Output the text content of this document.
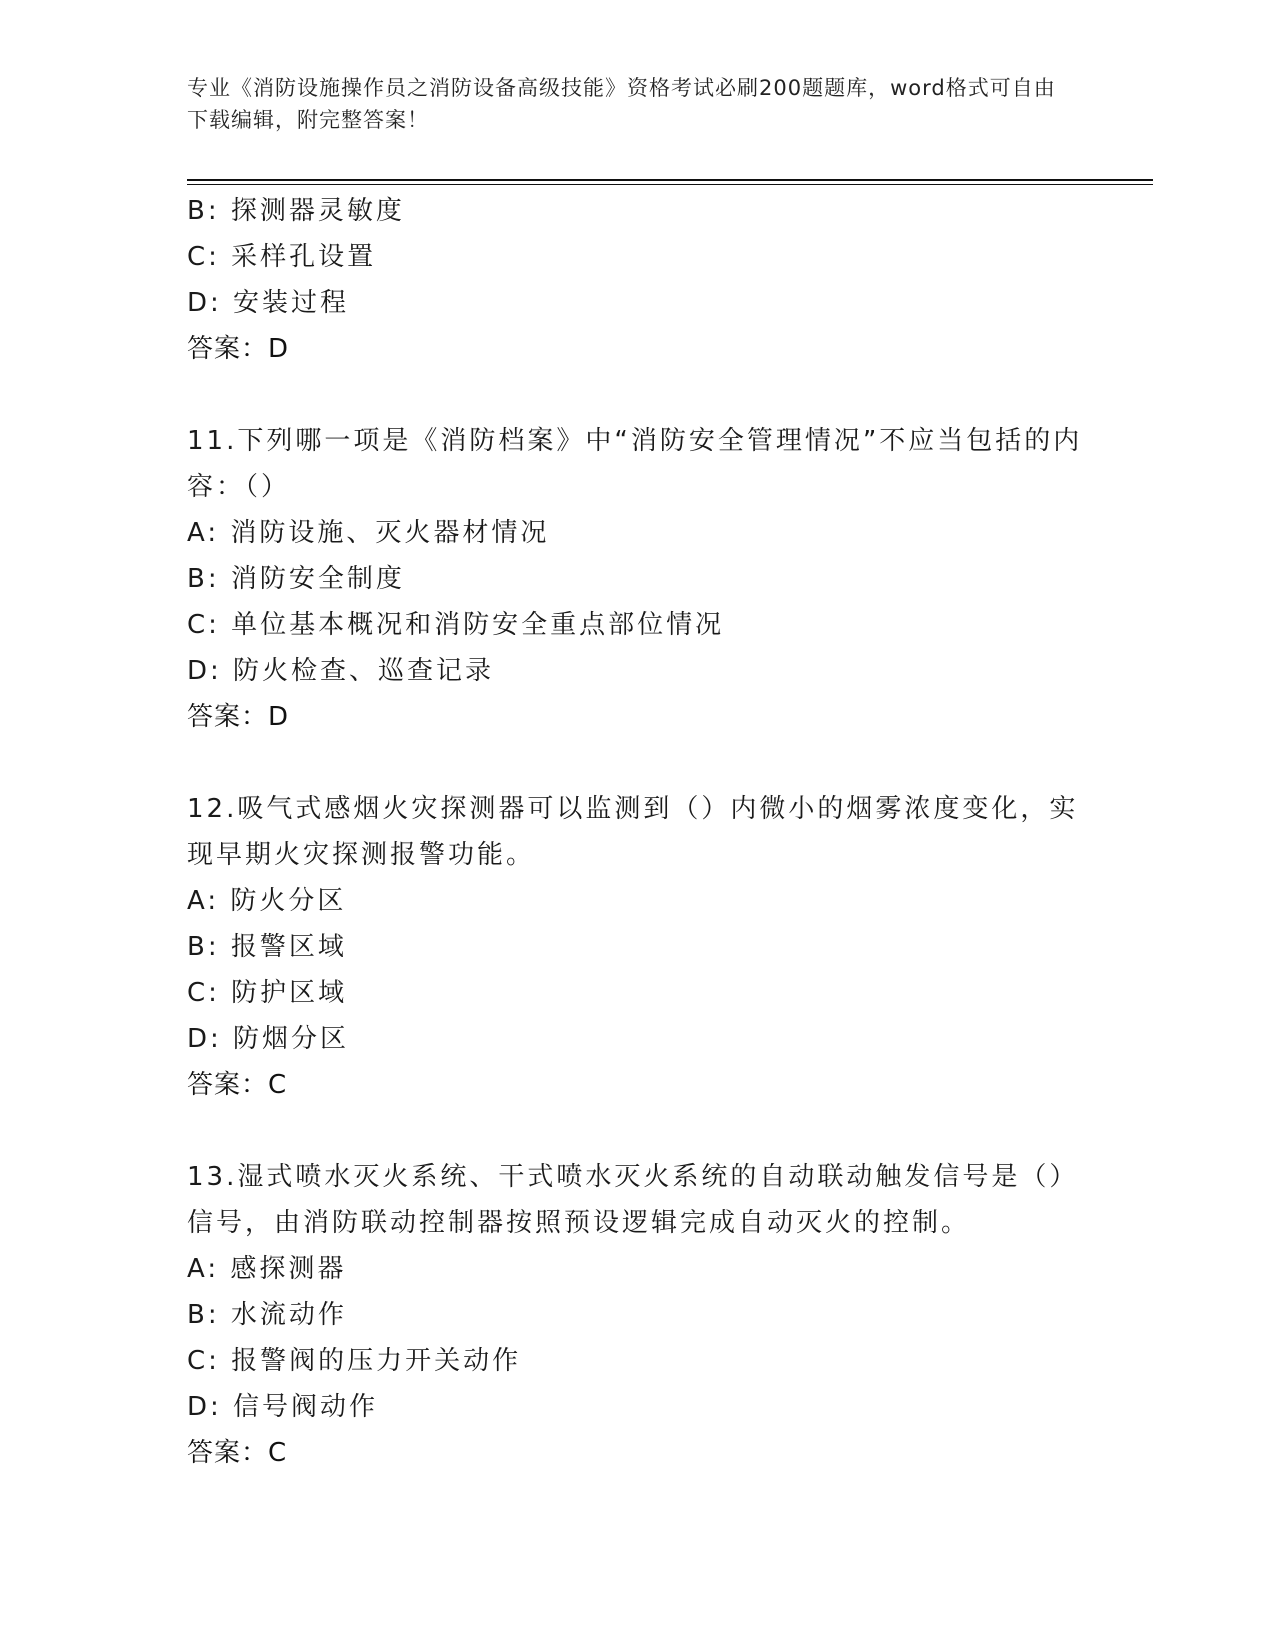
专业《消防设施操作员之消防设备高级技能》资格考试必刷200题题库，word格式可自由下载编辑，附完整答案！
B: 探测器灵敏度
C: 采样孔设置
D: 安装过程
答案：D
11.下列哪一项是《消防档案》中“消防安全管理情况”不应当包括的内容：（）
A: 消防设施、灭火器材情况
B: 消防安全制度
C: 单位基本概况和消防安全重点部位情况
D: 防火检查、巡查记录
答案：D
12.吸气式感烟火灾探测器可以监测到（）内微小的烟雾浓度变化，实现早期火灾探测报警功能。
A: 防火分区
B: 报警区域
C: 防护区域
D: 防烟分区
答案：C
13.湿式喷水灭火系统、干式喷水灭火系统的自动联动触发信号是（）信号，由消防联动控制器按照预设逻辑完成自动灭火的控制。
A: 感探测器
B: 水流动作
C: 报警阀的压力开关动作
D: 信号阀动作
答案：C
